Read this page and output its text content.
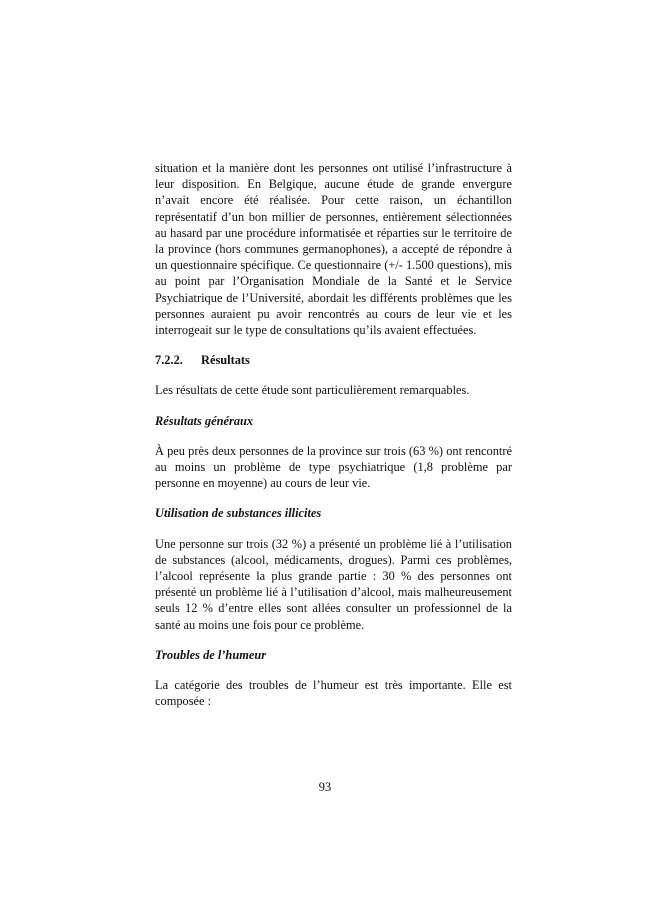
situation et la manière dont les personnes ont utilisé l’infrastructure à leur disposition. En Belgique, aucune étude de grande envergure n’avait encore été réalisée. Pour cette raison, un échantillon représentatif d’un bon millier de personnes, entièrement sélectionnées au hasard par une procédure informatisée et réparties sur le territoire de la province (hors communes germanophones), a accepté de répondre à un questionnaire spécifique. Ce questionnaire (+/- 1.500 questions), mis au point par l’Organisation Mondiale de la Santé et le Service Psychiatrique de l’Université, abordait les différents problèmes que les personnes auraient pu avoir rencontrés au cours de leur vie et les interrogeait sur le type de consultations qu’ils avaient effectuées.

7.2.2. Résultats

Les résultats de cette étude sont particulièrement remarquables.

Résultats généraux

À peu près deux personnes de la province sur trois (63 %) ont rencontré au moins un problème de type psychiatrique (1,8 problème par personne en moyenne) au cours de leur vie.

Utilisation de substances illicites

Une personne sur trois (32 %) a présenté un problème lié à l’utilisation de substances (alcool, médicaments, drogues). Parmi ces problèmes, l’alcool représente la plus grande partie : 30 % des personnes ont présenté un problème lié à l’utilisation d’alcool, mais malheureusement seuls 12 % d’entre elles sont allées consulter un professionnel de la santé au moins une fois pour ce problème.

Troubles de l’humeur

La catégorie des troubles de l’humeur est très importante. Elle est composée :

93
